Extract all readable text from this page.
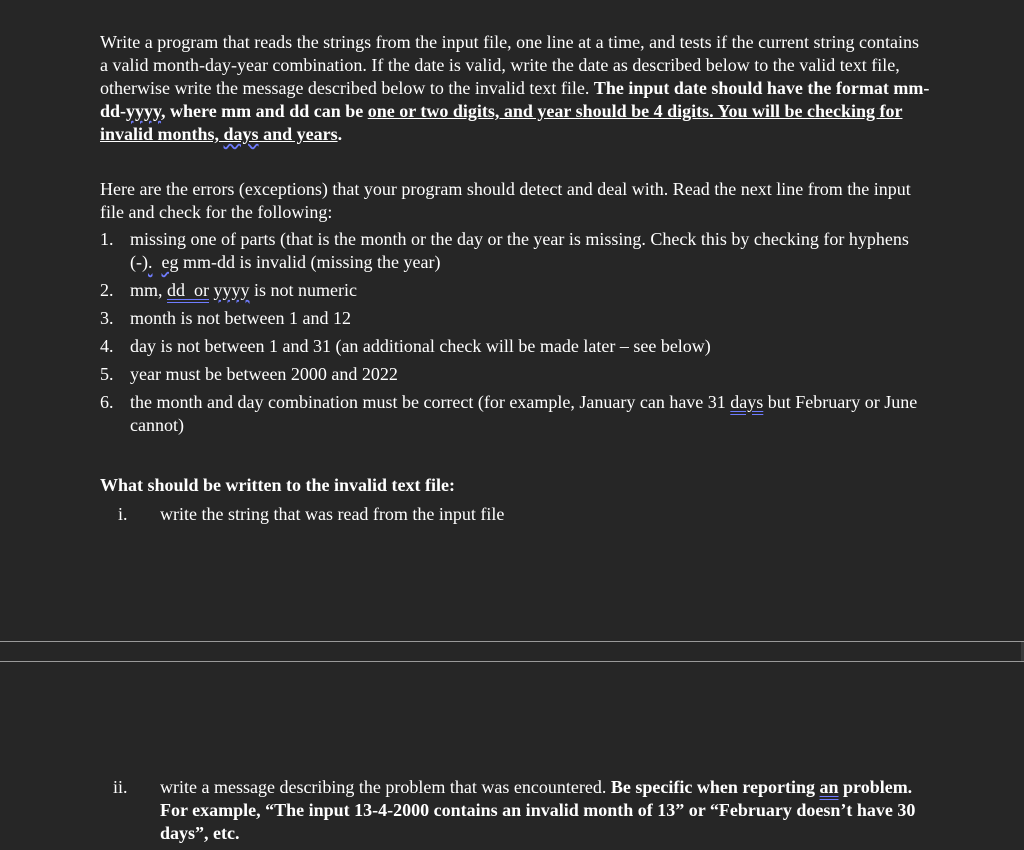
Write a program that reads the strings from the input file, one line at a time, and tests if the current string contains a valid month-day-year combination. If the date is valid, write the date as described below to the valid text file, otherwise write the message described below to the invalid text file. The input date should have the format mm-dd-yyyy, where mm and dd can be one or two digits, and year should be 4 digits. You will be checking for invalid months, days and years.

Here are the errors (exceptions) that your program should detect and deal with. Read the next line from the input file and check for the following:

1. missing one of parts (that is the month or the day or the year is missing. Check this by checking for hyphens (-). eg mm-dd is invalid (missing the year)
2. mm, dd  or yyyy is not numeric
3. month is not between 1 and 12
4. day is not between 1 and 31 (an additional check will be made later – see below)
5. year must be between 2000 and 2022
6. the month and day combination must be correct (for example, January can have 31 days but February or June cannot)

What should be written to the invalid text file:

i. write the string that was read from the input file
ii. write a message describing the problem that was encountered. Be specific when reporting an problem. For example, “The input 13-4-2000 contains an invalid month of 13” or “February doesn’t have 30 days”, etc.
